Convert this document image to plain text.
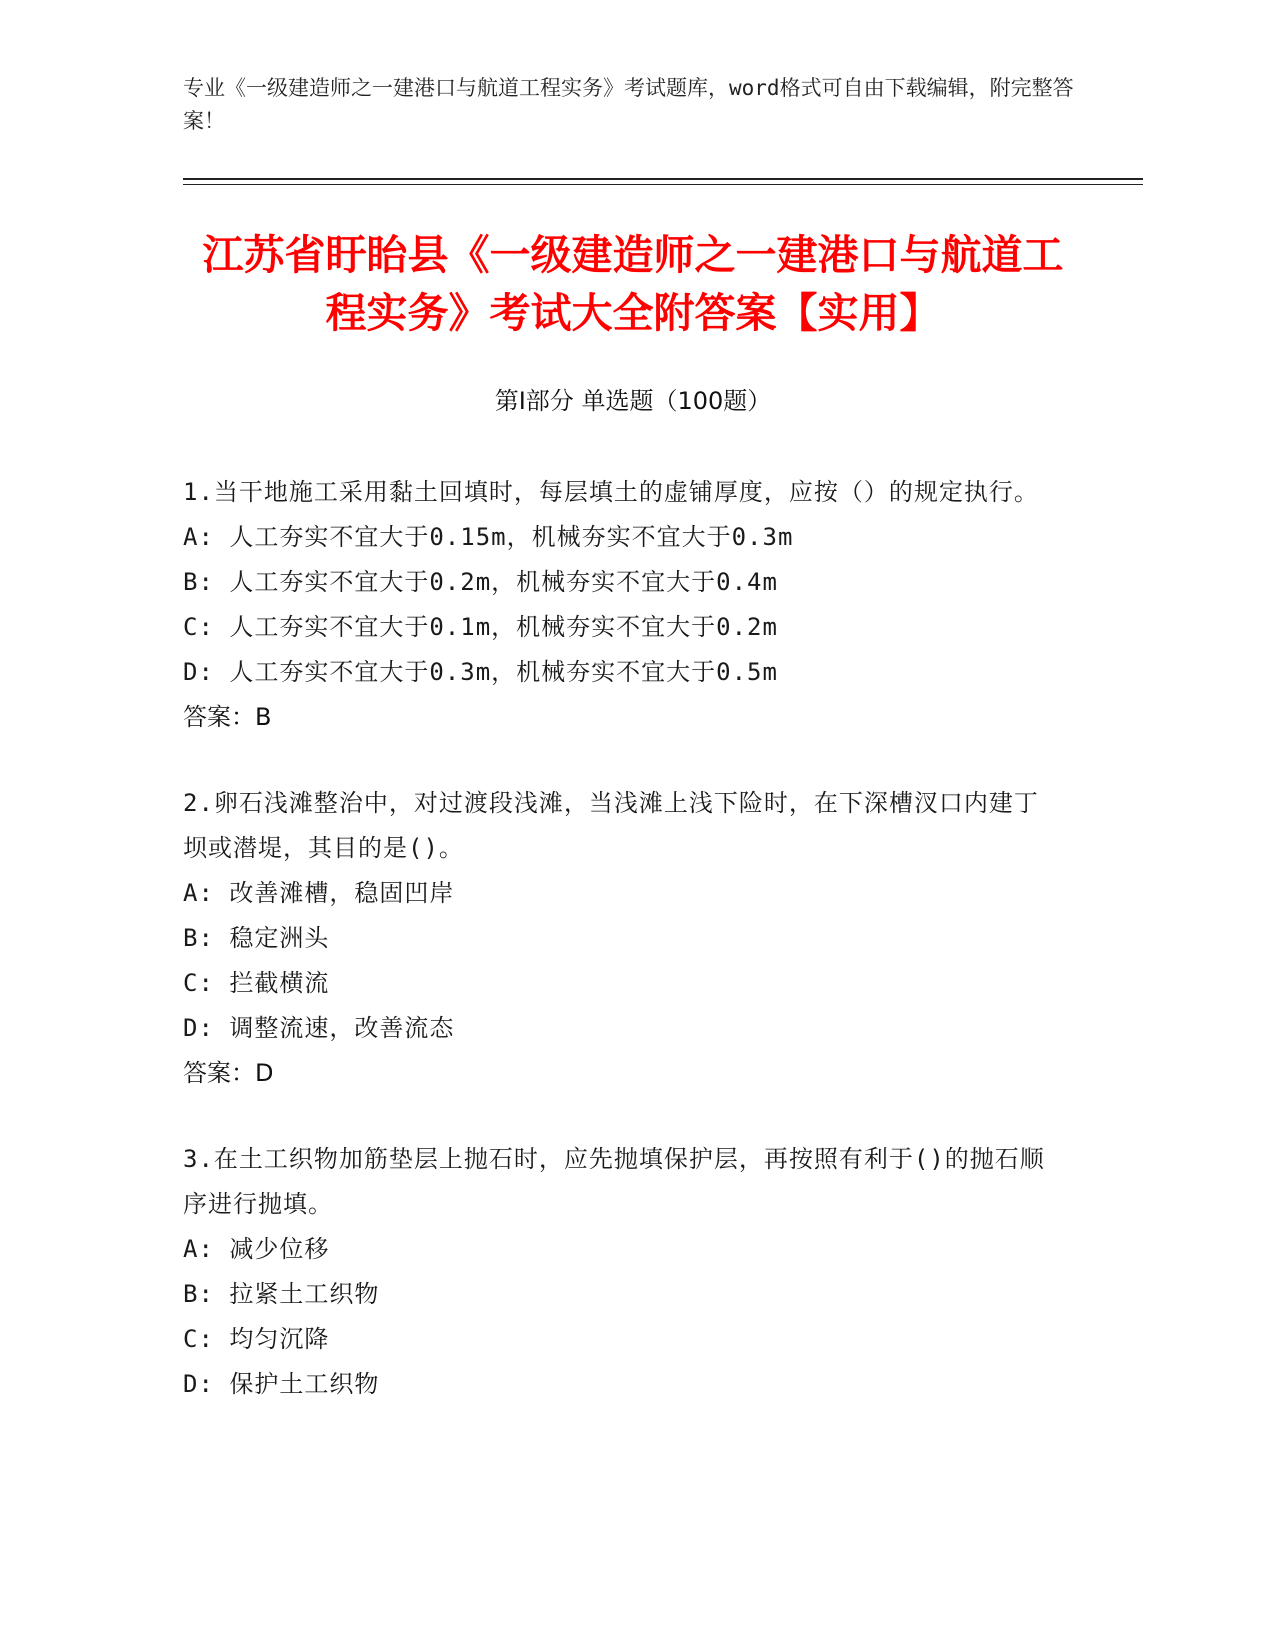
专业《一级建造师之一建港口与航道工程实务》考试题库，word格式可自由下载编辑，附完整答案！
江苏省盱眙县《一级建造师之一建港口与航道工程实务》考试大全附答案【实用】
第Ⅰ部分 单选题（100题）
1.当干地施工采用黏土回填时，每层填土的虚铺厚度，应按（）的规定执行。
A: 人工夯实不宜大于0.15m，机械夯实不宜大于0.3m
B: 人工夯实不宜大于0.2m，机械夯实不宜大于0.4m
C: 人工夯实不宜大于0.1m，机械夯实不宜大于0.2m
D: 人工夯实不宜大于0.3m，机械夯实不宜大于0.5m
答案：B
2.卵石浅滩整治中，对过渡段浅滩，当浅滩上浅下险时，在下深槽汊口内建丁坝或潜堤，其目的是()。
A: 改善滩槽，稳固凹岸
B: 稳定洲头
C: 拦截横流
D: 调整流速，改善流态
答案：D
3.在土工织物加筋垫层上抛石时，应先抛填保护层，再按照有利于()的抛石顺序进行抛填。
A: 减少位移
B: 拉紧土工织物
C: 均匀沉降
D: 保护土工织物
